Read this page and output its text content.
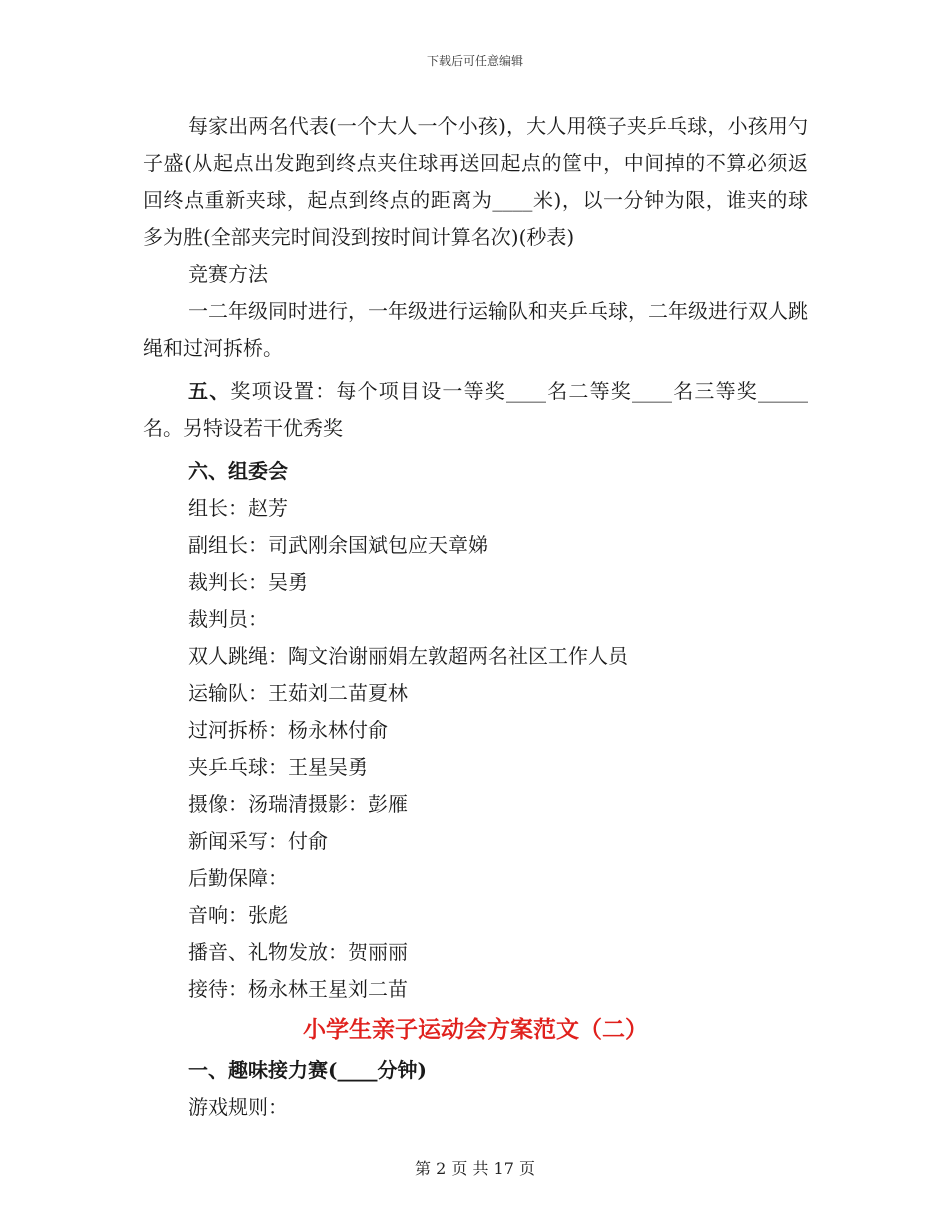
下载后可任意编辑

每家出两名代表(一个大人一个小孩)，大人用筷子夹乒乓球，小孩用勺子盛(从起点出发跑到终点夹住球再送回起点的筐中，中间掉的不算必须返回终点重新夹球，起点到终点的距离为____米)，以一分钟为限，谁夹的球多为胜(全部夹完时间没到按时间计算名次)(秒表)

竞赛方法

一二年级同时进行，一年级进行运输队和夹乒乓球，二年级进行双人跳绳和过河拆桥。

五、奖项设置：每个项目设一等奖____名二等奖____名三等奖_____名。另特设若干优秀奖

六、组委会

组长：赵芳

副组长：司武刚余国斌包应天章娣

裁判长：吴勇

裁判员：

双人跳绳：陶文治谢丽娟左敦超两名社区工作人员

运输队：王茹刘二苗夏林

过河拆桥：杨永林付俞

夹乒乓球：王星吴勇

摄像：汤瑞清摄影：彭雁

新闻采写：付俞

后勤保障：

音响：张彪

播音、礼物发放：贺丽丽

接待：杨永林王星刘二苗

小学生亲子运动会方案范文（二）

一、趣味接力赛(____分钟)

游戏规则：

第 2 页 共 17 页
